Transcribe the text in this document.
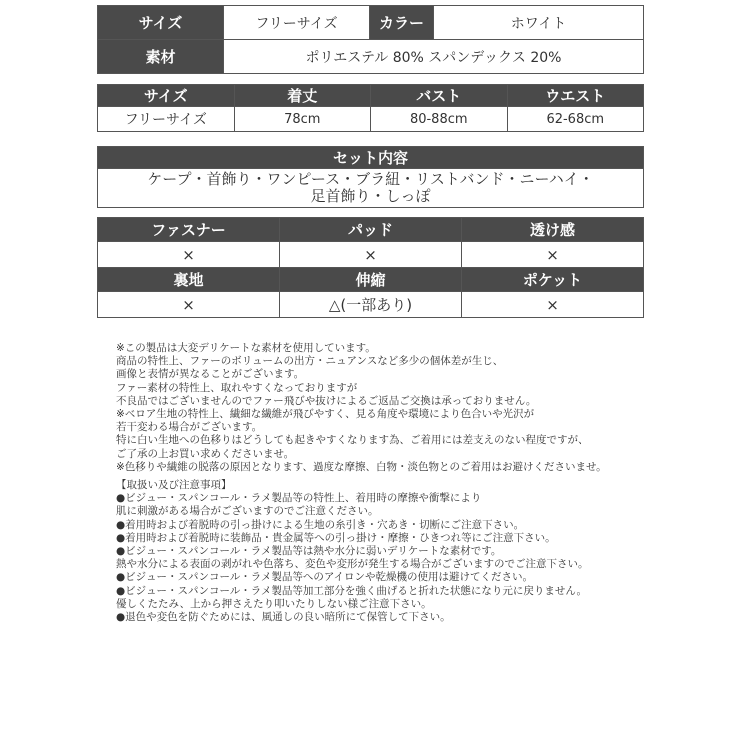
サイズ	フリーサイズ	カラー	ホワイト
素材	ポリエステル 80% スパンデックス 20%		
サイズ	着丈	バスト	ウエスト
フリーサイズ	78cm	80-88cm	62-68cm
セット内容

ケープ・首飾り・ワンピース・ブラ紐・リストバンド・ニーハイ・
足首飾り・しっぽ
ファスナー	パッド	透け感
×	×	×
裏地	伸縮	ポケット
×	△(一部あり)	×

※この製品は大変デリケートな素材を使用しています。

商品の特性上、ファーのボリュームの出方・ニュアンスなど多少の個体差が生じ、

画像と表情が異なることがございます。

ファー素材の特性上、取れやすくなっておりますが

不良品ではございませんのでファー飛びや抜けによるご返品ご交換は承っておりません。

※ベロア生地の特性上、繊細な繊維が飛びやすく、見る角度や環境により色合いや光沢が

若干変わる場合がございます。

特に白い生地への色移りはどうしても起きやすくなります為、ご着用には差支えのない程度ですが、

ご了承の上お買い求めくださいませ。

※色移りや繊維の脱落の原因となります、過度な摩擦、白物・淡色物とのご着用はお避けくださいませ。

【取扱い及び注意事項】

●ビジュー・スパンコール・ラメ製品等の特性上、着用時の摩擦や衝撃により

肌に刺激がある場合がございますのでご注意ください。

●着用時および着脱時の引っ掛けによる生地の糸引き・穴あき・切断にご注意下さい。

●着用時および着脱時に装飾品・貴金属等への引っ掛け・摩擦・ひきつれ等にご注意下さい。

●ビジュー・スパンコール・ラメ製品等は熱や水分に弱いデリケートな素材です。

熱や水分による表面の剥がれや色落ち、変色や変形が発生する場合がございますのでご注意下さい。

●ビジュー・スパンコール・ラメ製品等へのアイロンや乾燥機の使用は避けてください。

●ビジュー・スパンコール・ラメ製品等加工部分を強く曲げると折れた状態になり元に戻りません。

優しくたたみ、上から押さえたり叩いたりしない様ご注意下さい。

●退色や変色を防ぐためには、風通しの良い暗所にて保管して下さい。
